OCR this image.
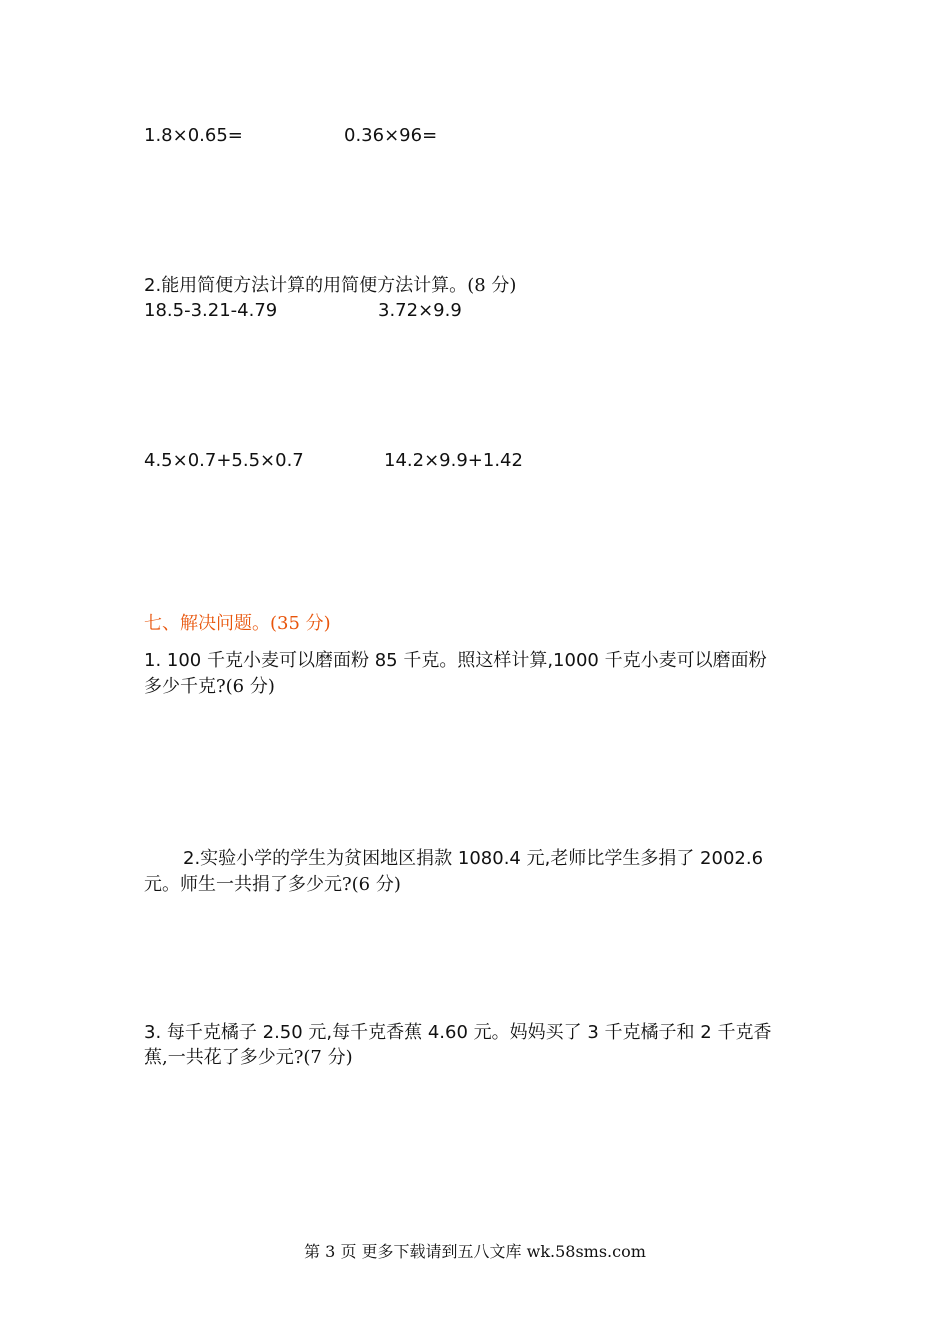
1.8×0.65=	0.36×96=
2.能用简便方法计算的用简便方法计算。(8 分)
18.5-3.21-4.79	3.72×9.9
4.5×0.7+5.5×0.7	14.2×9.9+1.42
七、解决问题。(35 分)
1. 100 千克小麦可以磨面粉 85 千克。照这样计算,1000 千克小麦可以磨面粉
多少千克?(6 分)
2.实验小学的学生为贫困地区捐款 1080.4 元,老师比学生多捐了 2002.6
元。师生一共捐了多少元?(6 分)
3. 每千克橘子 2.50 元,每千克香蕉 4.60 元。妈妈买了 3 千克橘子和 2 千克香
蕉,一共花了多少元?(7 分)
第 3 页 更多下载请到五八文库 wk.58sms.com
